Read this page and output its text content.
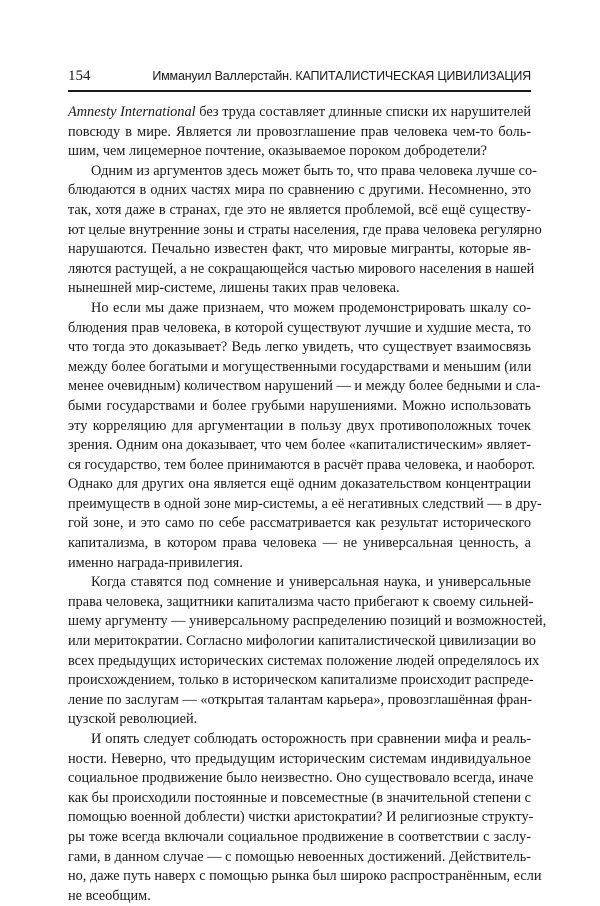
154	Иммануил Валлерстайн. КАПИТАЛИСТИЧЕСКАЯ ЦИВИЛИЗАЦИЯ

Amnesty International без труда составляет длинные списки их нарушителей
повсюду в мире. Является ли провозглашение прав человека чем-то боль-
шим, чем лицемерное почтение, оказываемое пороком добродетели?

Одним из аргументов здесь может быть то, что права человека лучше со-
блюдаются в одних частях мира по сравнению с другими. Несомненно, это
так, хотя даже в странах, где это не является проблемой, всё ещё существу-
ют целые внутренние зоны и страты населения, где права человека регулярно
нарушаются. Печально известен факт, что мировые мигранты, которые яв-
ляются растущей, а не сокращающейся частью мирового населения в нашей
нынешней мир-системе, лишены таких прав человека.

Но если мы даже признаем, что можем продемонстрировать шкалу со-
блюдения прав человека, в которой существуют лучшие и худшие места, то
что тогда это доказывает? Ведь легко увидеть, что существует взаимосвязь
между более богатыми и могущественными государствами и меньшим (или
менее очевидным) количеством нарушений — и между более бедными и сла-
быми государствами и более грубыми нарушениями. Можно использовать
эту корреляцию для аргументации в пользу двух противоположных точек
зрения. Одним она доказывает, что чем более «капиталистическим» являет-
ся государство, тем более принимаются в расчёт права человека, и наоборот.
Однако для других она является ещё одним доказательством концентрации
преимуществ в одной зоне мир-системы, а её негативных следствий — в дру-
гой зоне, и это само по себе рассматривается как результат исторического
капитализма, в котором права человека — не универсальная ценность, а
именно награда-привилегия.

Когда ставятся под сомнение и универсальная наука, и универсальные
права человека, защитники капитализма часто прибегают к своему сильней-
шему аргументу — универсальному распределению позиций и возможностей,
или меритократии. Согласно мифологии капиталистической цивилизации во
всех предыдущих исторических системах положение людей определялось их
происхождением, только в историческом капитализме происходит распреде-
ление по заслугам — «открытая талантам карьера», провозглашённая фран-
цузской революцией.

И опять следует соблюдать осторожность при сравнении мифа и реаль-
ности. Неверно, что предыдущим историческим системам индивидуальное
социальное продвижение было неизвестно. Оно существовало всегда, иначе
как бы происходили постоянные и повсеместные (в значительной степени с
помощью военной доблести) чистки аристократии? И религиозные структу-
ры тоже всегда включали социальное продвижение в соответствии с заслу-
гами, в данном случае — с помощью невоенных достижений. Действитель-
но, даже путь наверх с помощью рынка был широко распространённым, если
не всеобщим.
